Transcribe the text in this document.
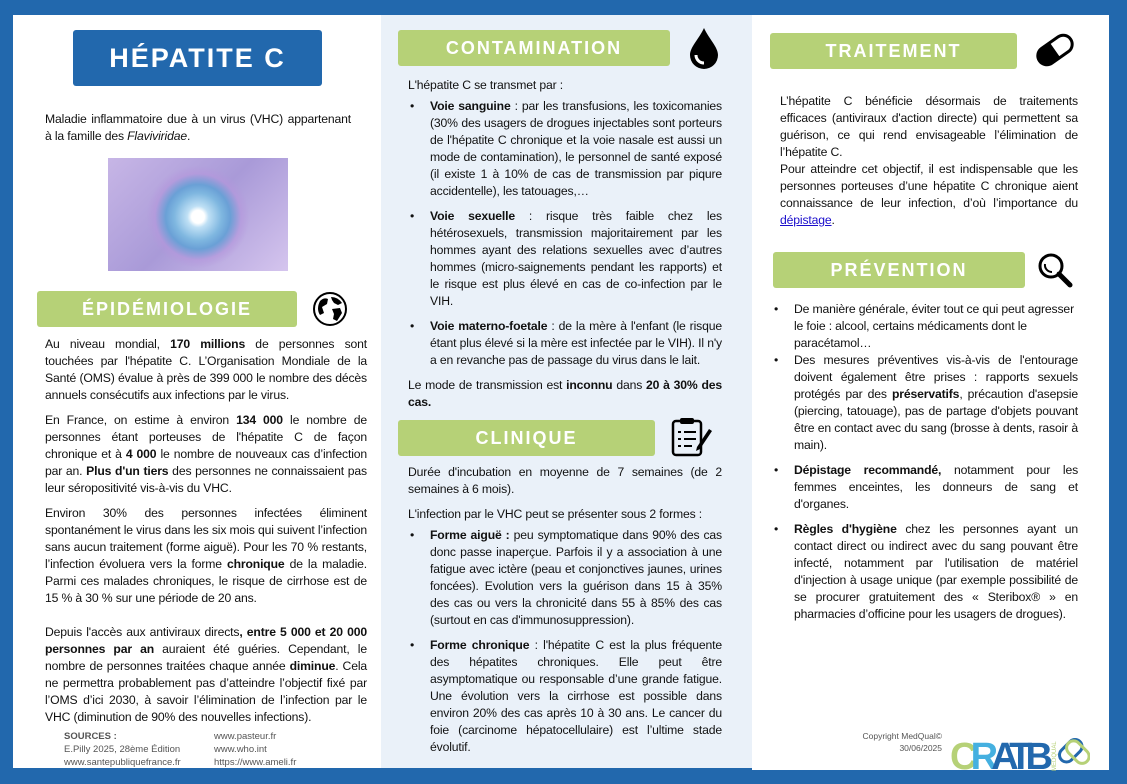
HÉPATITE C
Maladie inflammatoire due à un virus (VHC) appartenant à la famille des Flaviviridae.
ÉPIDÉMIOLOGIE

Au niveau mondial, 170 millions de personnes sont touchées par l'hépatite C. L’Organisation Mondiale de la Santé (OMS) évalue à près de 399 000 le nombre des décès annuels consécutifs aux infections par le virus.

En France, on estime à environ 134 000 le nombre de personnes étant porteuses de l'hépatite C de façon chronique et à 4 000 le nombre de nouveaux cas d’infection par an. Plus d'un tiers des personnes ne connaissaient pas leur séropositivité vis-à-vis du VHC.

Environ 30% des personnes infectées éliminent spontanément le virus dans les six mois qui suivent l’infection sans aucun traitement (forme aiguë). Pour les 70 % restants, l’infection évoluera vers la forme chronique de la maladie. Parmi ces malades chroniques, le risque de cirrhose est de 15 % à 30 % sur une période de 20 ans.

Depuis l'accès aux antiviraux directs, entre 5 000 et 20 000 personnes par an auraient été guéries. Cependant, le nombre de personnes traitées chaque année diminue. Cela ne permettra probablement pas d’atteindre l’objectif fixé par l’OMS d’ici 2030, à savoir l’élimination de l’infection par le VHC (diminution de 90% des nouvelles infections).

SOURCES :
E.Pilly 2025, 28ème Édition
www.santepubliquefrance.fr
www.pasteur.fr
www.who.int
https://www.ameli.fr
CONTAMINATION

L'hépatite C se transmet par :

• Voie sanguine : par les transfusions, les toxicomanies (30% des usagers de drogues injectables sont porteurs de l'hépatite C chronique et la voie nasale est aussi un mode de contamination), le personnel de santé exposé (il existe 1 à 10% de cas de transmission par piqure accidentelle), les tatouages,…
• Voie sexuelle : risque très faible chez les hétérosexuels, transmission majoritairement par les hommes ayant des relations sexuelles avec d’autres hommes (micro-saignements pendant les rapports) et le risque est plus élevé en cas de co-infection par le VIH.
• Voie materno-foetale : de la mère à l'enfant (le risque étant plus élevé si la mère est infectée par le VIH). Il n'y a en revanche pas de passage du virus dans le lait.

Le mode de transmission est inconnu dans 20 à 30% des cas.

CLINIQUE

Durée d'incubation en moyenne de 7 semaines (de 2 semaines à 6 mois).

L'infection par le VHC peut se présenter sous 2 formes :

• Forme aiguë : peu symptomatique dans 90% des cas donc passe inaperçue. Parfois il y a association à une fatigue avec ictère (peau et conjonctives jaunes, urines foncées). Evolution vers la guérison dans 15 à 35% des cas ou vers la chronicité dans 55 à 85% des cas (surtout en cas d'immunosuppression).
• Forme chronique : l'hépatite C est la plus fréquente des hépatites chroniques. Elle peut être asymptomatique ou responsable d’une grande fatigue. Une évolution vers la cirrhose est possible dans environ 20% des cas après 10 à 30 ans. Le cancer du foie (carcinome hépatocellulaire) est l’ultime stade évolutif.
TRAITEMENT
L’hépatite C bénéficie désormais de traitements efficaces (antiviraux d'action directe) qui permettent sa guérison, ce qui rend envisageable l’élimination de l’hépatite C.
Pour atteindre cet objectif, il est indispensable que les personnes porteuses d’une hépatite C chronique aient connaissance de leur infection, d’où l’importance du dépistage.
PRÉVENTION
• De manière générale, éviter tout ce qui peut agresser le foie : alcool, certains médicaments dont le paracétamol…
• Des mesures préventives vis-à-vis de l'entourage doivent également être prises : rapports sexuels protégés par des préservatifs, précaution d'asepsie (piercing, tatouage), pas de partage d'objets pouvant être en contact avec du sang (brosse à dents, rasoir à main).
• Dépistage recommandé, notamment pour les femmes enceintes, les donneurs de sang et d'organes.
• Règles d'hygiène chez les personnes ayant un contact direct ou indirect avec du sang pouvant être infecté, notamment par l'utilisation de matériel d'injection à usage unique (par exemple possibilité de se procurer gratuitement des « Steribox® » en pharmacies d’officine pour les usagers de drogues).
Copyright MedQual©
30/06/2025 CRATB MEDQUAL
